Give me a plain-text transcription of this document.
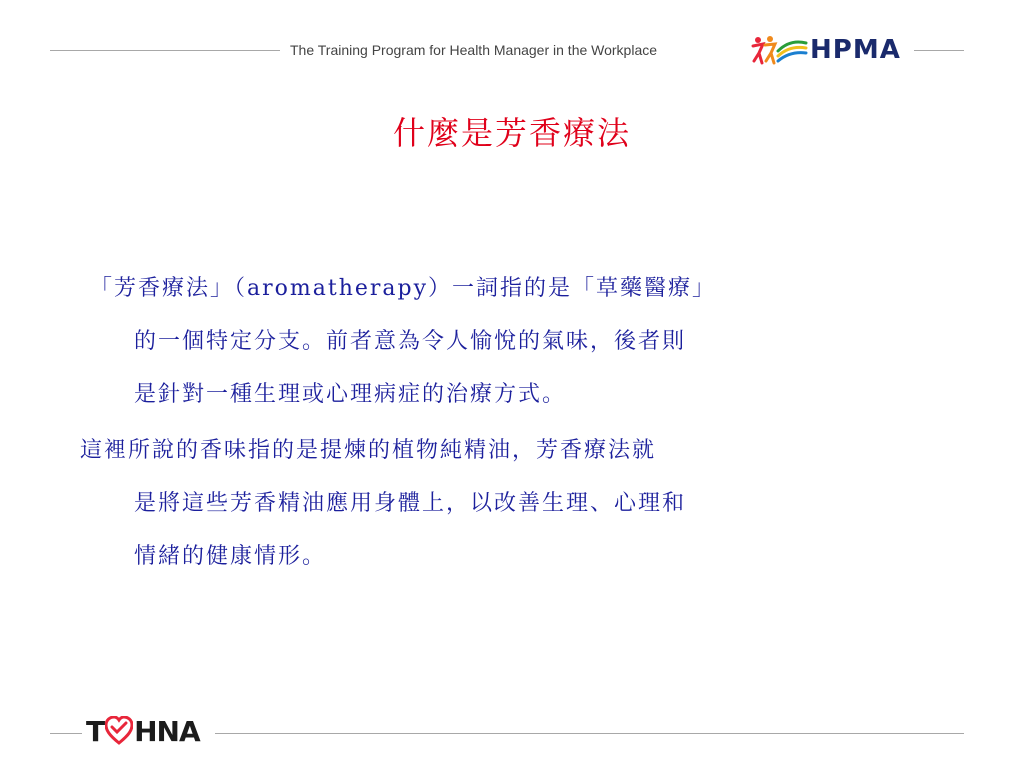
The Training Program for Health Manager in the Workplace	HPMA
什麼是芳香療法
「芳香療法」（aromatherapy）一詞指的是「草藥醫療」
的一個特定分支。前者意為令人愉悅的氣味，後者則
是針對一種生理或心理病症的治療方式。
這裡所說的香味指的是提煉的植物純精油，芳香療法就
是將這些芳香精油應用身體上，以改善生理、心理和
情緒的健康情形。
T HNA
